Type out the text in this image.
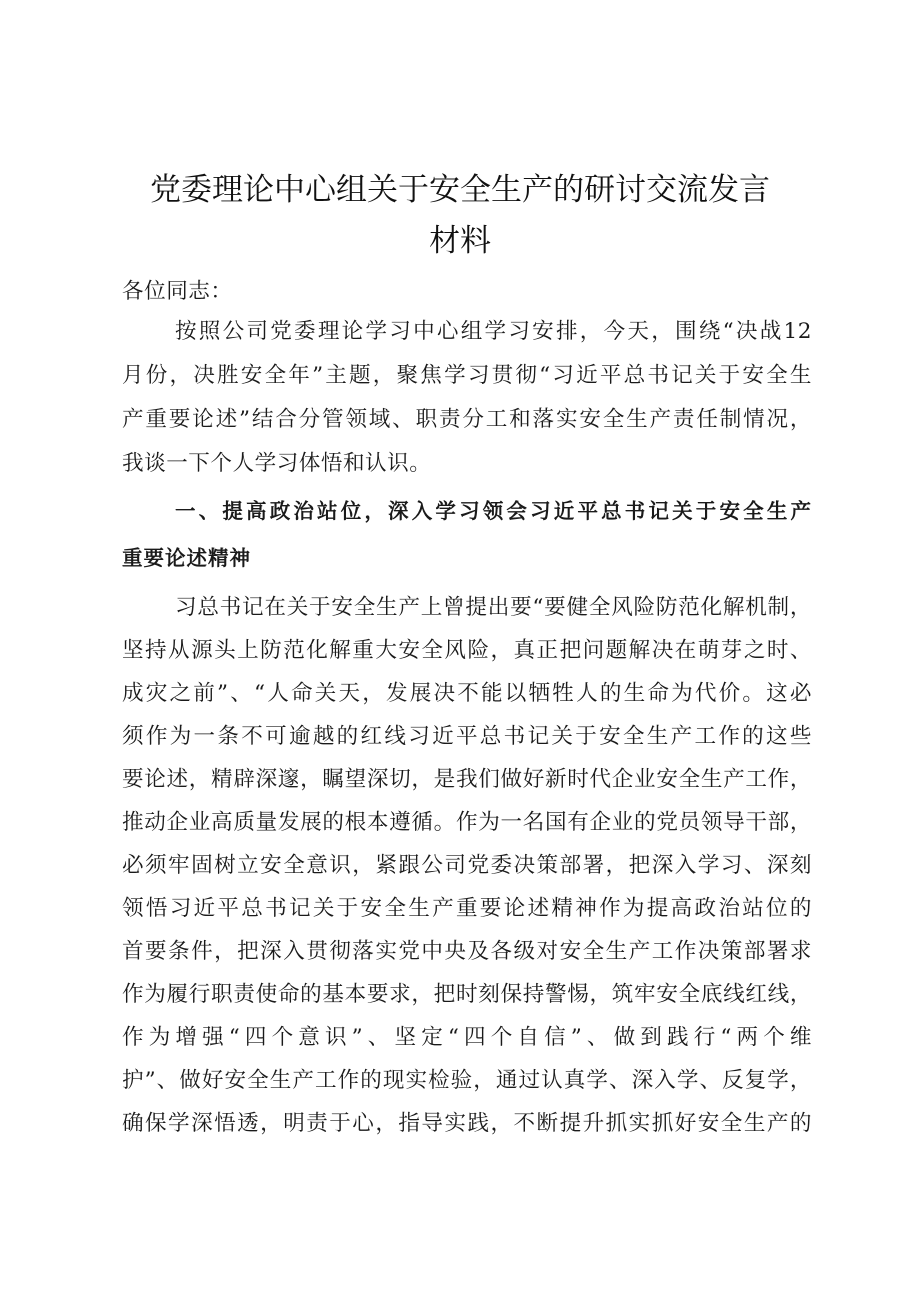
党委理论中心组关于安全生产的研讨交流发言
材料
各位同志：
按照公司党委理论学习中心组学习安排，今天，围绕“决战12
月份，决胜安全年”主题，聚焦学习贯彻“习近平总书记关于安全生
产重要论述”结合分管领域、职责分工和落实安全生产责任制情况，
我谈一下个人学习体悟和认识。
一、提高政治站位，深入学习领会习近平总书记关于安全生产
重要论述精神
习总书记在关于安全生产上曾提出要“要健全风险防范化解机制，
坚持从源头上防范化解重大安全风险，真正把问题解决在萌芽之时、
成灾之前”、“人命关天，发展决不能以牺牲人的生命为代价。这必
须作为一条不可逾越的红线习近平总书记关于安全生产工作的这些
要论述，精辟深邃，瞩望深切，是我们做好新时代企业安全生产工作，
推动企业高质量发展的根本遵循。作为一名国有企业的党员领导干部，
必须牢固树立安全意识，紧跟公司党委决策部署，把深入学习、深刻
领悟习近平总书记关于安全生产重要论述精神作为提高政治站位的
首要条件，把深入贯彻落实党中央及各级对安全生产工作决策部署求
作为履行职责使命的基本要求，把时刻保持警惕，筑牢安全底线红线，
作为增强“四个意识”、坚定“四个自信”、做到践行“两个维
护”、做好安全生产工作的现实检验，通过认真学、深入学、反复学，
确保学深悟透，明责于心，指导实践，不断提升抓实抓好安全生产的
